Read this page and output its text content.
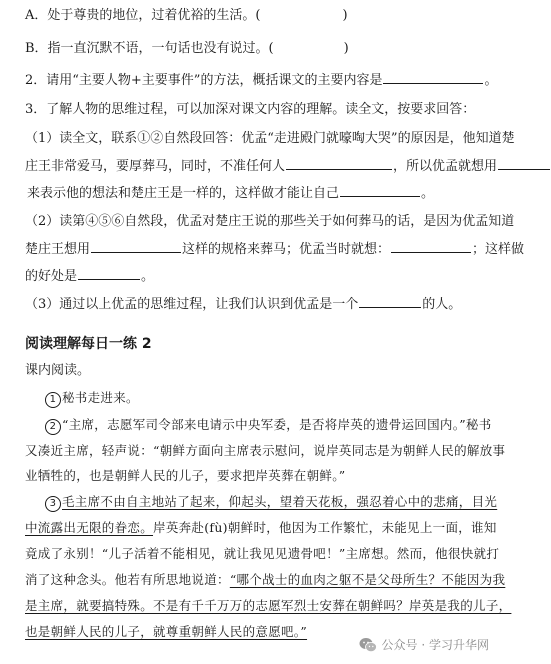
A．处于尊贵的地位，过着优裕的生活。(	)
B．指一直沉默不语，一句话也没有说过。(	)
2．请用“主要人物+主要事件”的方法，概括课文的主要内容是	。
3．了解人物的思维过程，可以加深对课文内容的理解。读全文，按要求回答：
（1）读全文，联系①②自然段回答：优孟“走进殿门就嚎啕大哭”的原因是，他知道楚
庄王非常爱马，要厚葬马，同时，不准任何人	，所以优孟就想用
来表示他的想法和楚庄王是一样的，这样做才能让自己	。
（2）读第④⑤⑥自然段，优孟对楚庄王说的那些关于如何葬马的话，是因为优孟知道
楚庄王想用	这样的规格来葬马；优孟当时就想：	；这样做
的好处是	。
（3）通过以上优孟的思维过程，让我们认识到优孟是一个	的人。
阅读理解每日一练 2
课内阅读。
1 秘书走进来。
2 “主席，志愿军司令部来电请示中央军委，是否将岸英的遗骨运回国内。”秘书
又凑近主席，轻声说：“朝鲜方面向主席表示慰问，说岸英同志是为朝鲜人民的解放事
业牺牲的，也是朝鲜人民的儿子，要求把岸英葬在朝鲜。”
3 毛主席不由自主地站了起来，仰起头，望着天花板，强忍着心中的悲痛，目光
中流露出无限的眷恋。岸英奔赴(fù)朝鲜时，他因为工作繁忙，未能见上一面，谁知
竟成了永别！“儿子活着不能相见，就让我见见遗骨吧！”主席想。然而，他很快就打
消了这种念头。他若有所思地说道：“哪个战士的血肉之躯不是父母所生？不能因为我
是主席，就要搞特殊。不是有千千万万的志愿军烈士安葬在朝鲜吗？岸英是我的儿子，
也是朝鲜人民的儿子，就尊重朝鲜人民的意愿吧。”
公众号 · 学习升华网
